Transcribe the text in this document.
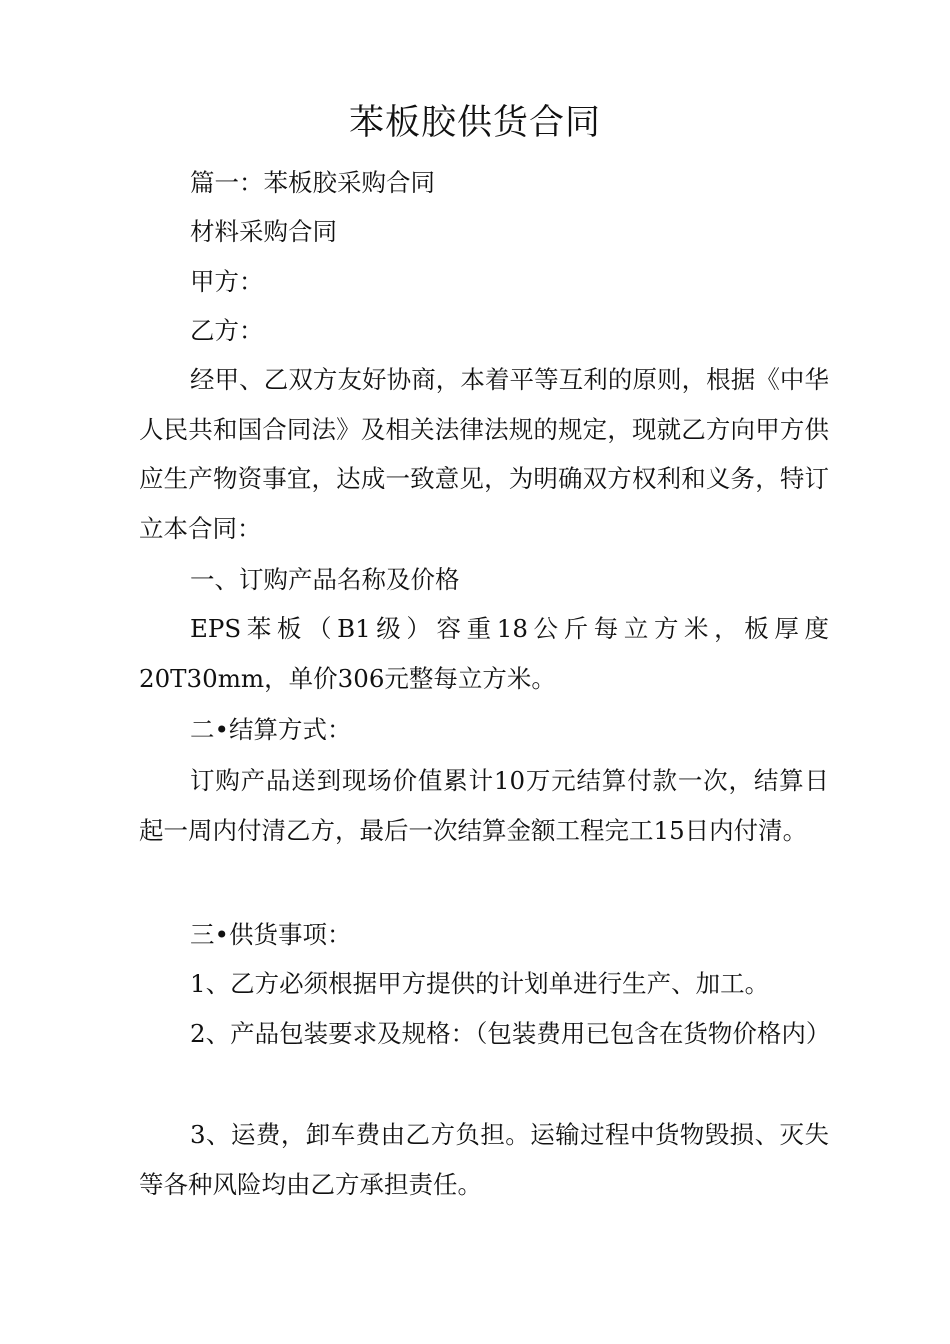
苯板胶供货合同

篇一：苯板胶采购合同

材料采购合同

甲方：

乙方：

经甲、乙双方友好协商，本着平等互利的原则，根据《中华人民共和国合同法》及相关法律法规的规定，现就乙方向甲方供应生产物资事宜，达成一致意见，为明确双方权利和义务，特订立本合同：

一、订购产品名称及价格

EPS苯板（B1级）容重18公斤每立方米，板厚度20T30mm，单价306元整每立方米。

二•结算方式：

订购产品送到现场价值累计10万元结算付款一次，结算日起一周内付清乙方，最后一次结算金额工程完工15日内付清。

三•供货事项：

1、乙方必须根据甲方提供的计划单进行生产、加工。

2、产品包装要求及规格：（包装费用已包含在货物价格内）

3、运费，卸车费由乙方负担。运输过程中货物毁损、灭失等各种风险均由乙方承担责任。
